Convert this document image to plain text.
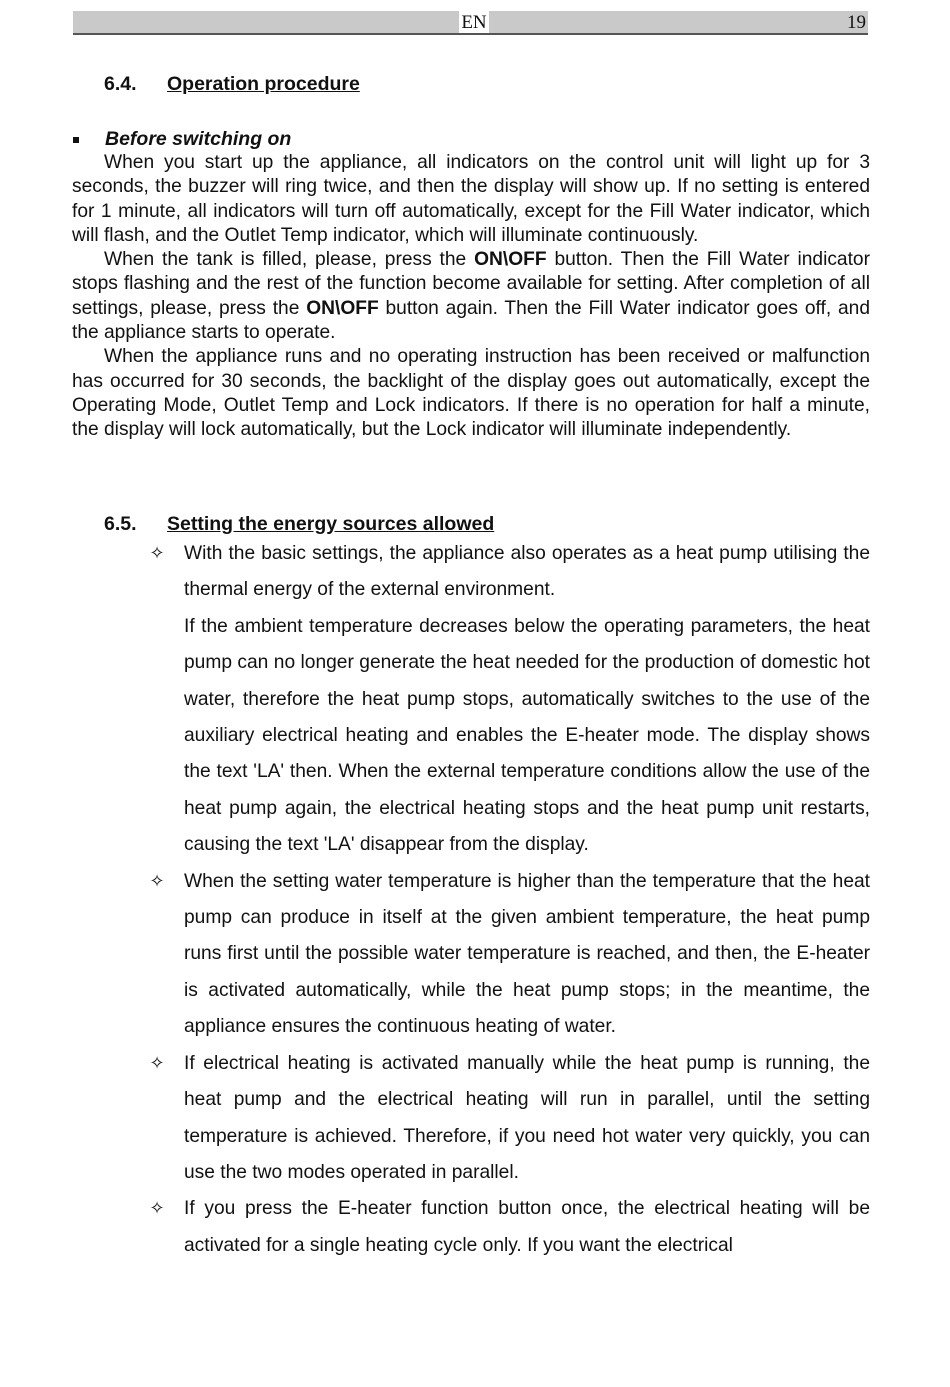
EN	19
6.4. Operation procedure
Before switching on

When you start up the appliance, all indicators on the control unit will light up for 3 seconds, the buzzer will ring twice, and then the display will show up. If no setting is entered for 1 minute, all indicators will turn off automatically, except for the Fill Water indicator, which will flash, and the Outlet Temp indicator, which will illuminate continuously.

When the tank is filled, please, press the ON\OFF button. Then the Fill Water indicator stops flashing and the rest of the function become available for setting. After completion of all settings, please, press the ON\OFF button again. Then the Fill Water indicator goes off, and the appliance starts to operate.

When the appliance runs and no operating instruction has been received or malfunction has occurred for 30 seconds, the backlight of the display goes out automatically, except the Operating Mode, Outlet Temp and Lock indicators. If there is no operation for half a minute, the display will lock automatically, but the Lock indicator will illuminate independently.

6.5. Setting the energy sources allowed
✧ With the basic settings, the appliance also operates as a heat pump utilising the thermal energy of the external environment.

If the ambient temperature decreases below the operating parameters, the heat pump can no longer generate the heat needed for the production of domestic hot water, therefore the heat pump stops, automatically switches to the use of the auxiliary electrical heating and enables the E-heater mode. The display shows the text 'LA' then. When the external temperature conditions allow the use of the heat pump again, the electrical heating stops and the heat pump unit restarts, causing the text 'LA' disappear from the display.

✧ When the setting water temperature is higher than the temperature that the heat pump can produce in itself at the given ambient temperature, the heat pump runs first until the possible water temperature is reached, and then, the E-heater is activated automatically, while the heat pump stops; in the meantime, the appliance ensures the continuous heating of water.

✧ If electrical heating is activated manually while the heat pump is running, the heat pump and the electrical heating will run in parallel, until the setting temperature is achieved. Therefore, if you need hot water very quickly, you can use the two modes operated in parallel.

✧ If you press the E-heater function button once, the electrical heating will be activated for a single heating cycle only. If you want the electrical
